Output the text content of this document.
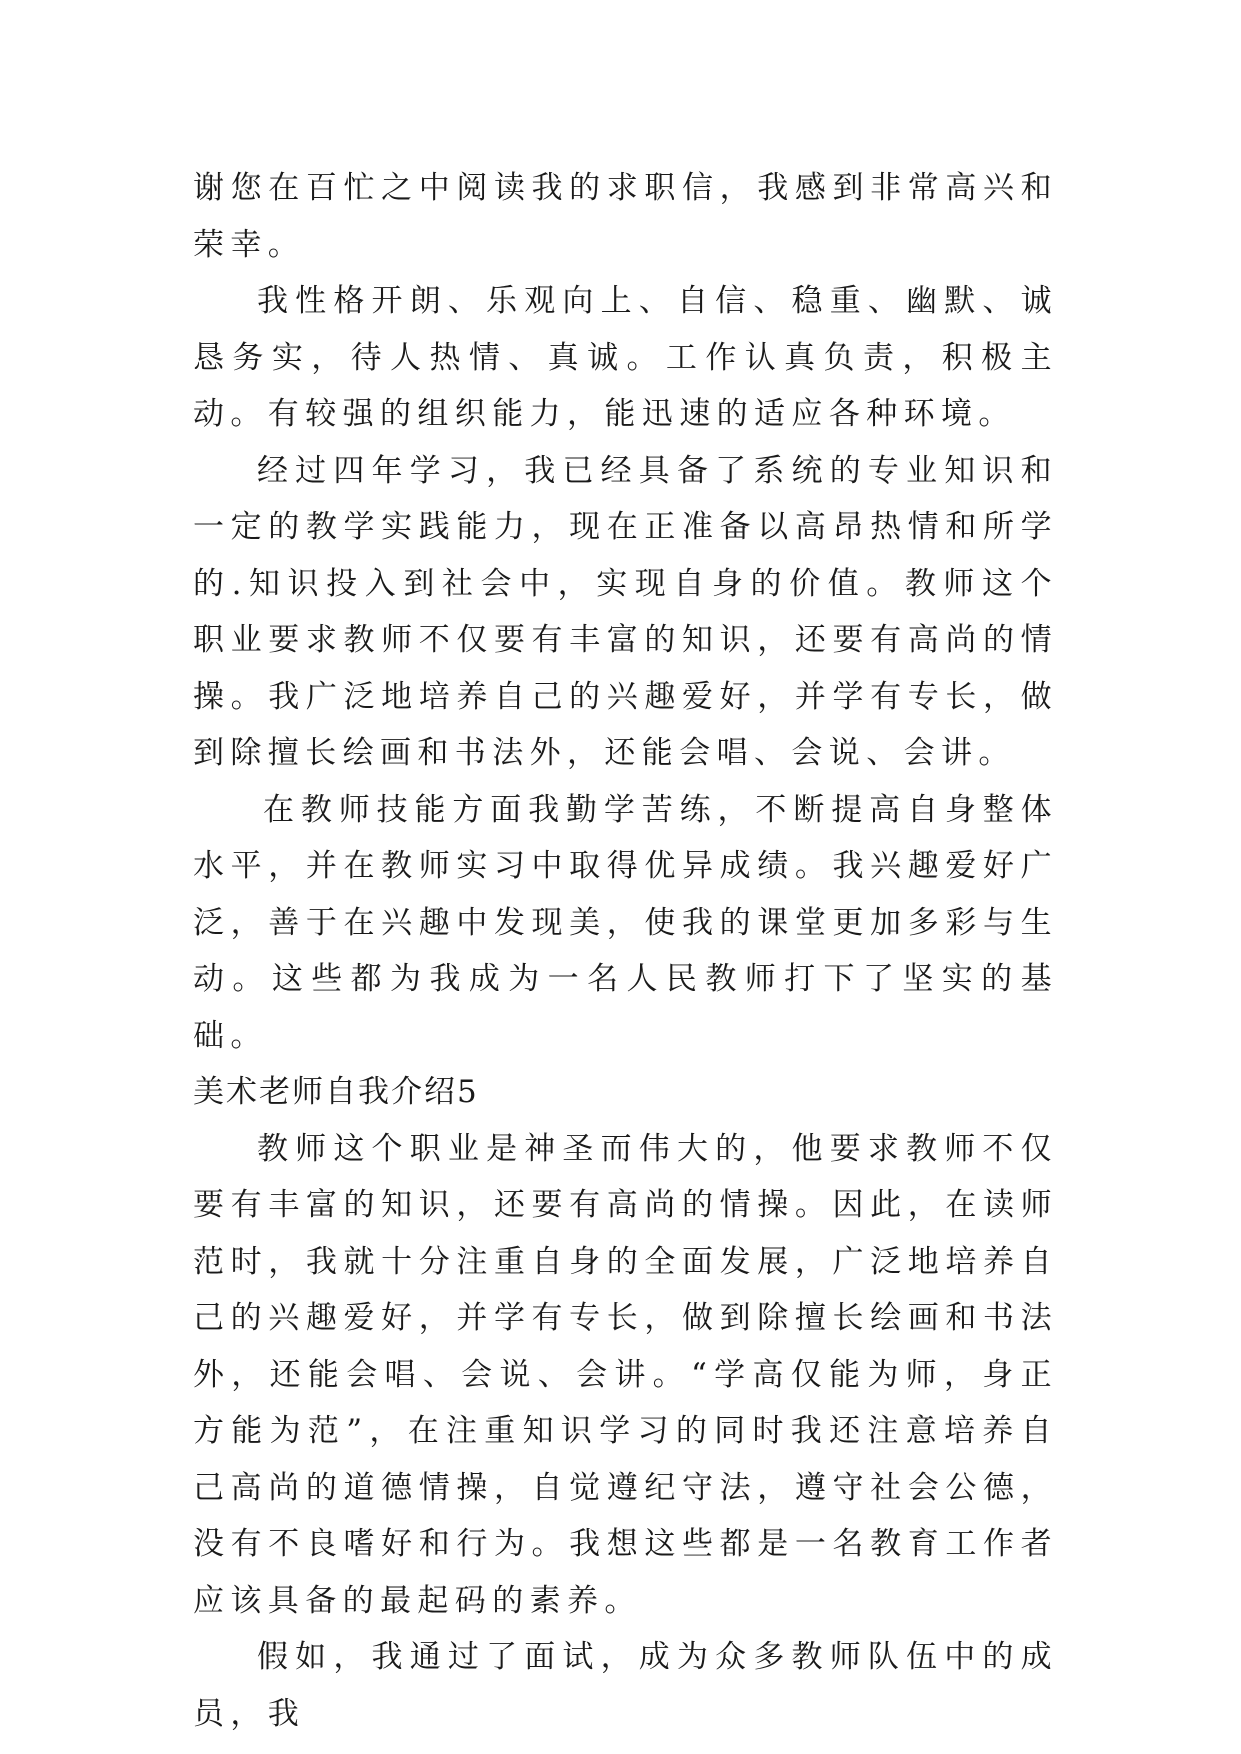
谢您在百忙之中阅读我的求职信，我感到非常高兴和荣幸。

我性格开朗、乐观向上、自信、稳重、幽默、诚恳务实，待人热情、真诚。工作认真负责，积极主动。有较强的组织能力，能迅速的适应各种环境。

经过四年学习，我已经具备了系统的专业知识和一定的教学实践能力，现在正准备以高昂热情和所学的.知识投入到社会中，实现自身的价值。教师这个职业要求教师不仅要有丰富的知识，还要有高尚的情操。我广泛地培养自己的兴趣爱好，并学有专长，做到除擅长绘画和书法外，还能会唱、会说、会讲。

在教师技能方面我勤学苦练，不断提高自身整体水平，并在教师实习中取得优异成绩。我兴趣爱好广泛，善于在兴趣中发现美，使我的课堂更加多彩与生动。这些都为我成为一名人民教师打下了坚实的基础。

美术老师自我介绍5

教师这个职业是神圣而伟大的，他要求教师不仅要有丰富的知识，还要有高尚的情操。因此，在读师范时，我就十分注重自身的全面发展，广泛地培养自己的兴趣爱好，并学有专长，做到除擅长绘画和书法外，还能会唱、会说、会讲。“学高仅能为师，身正方能为范”，在注重知识学习的同时我还注意培养自己高尚的道德情操，自觉遵纪守法，遵守社会公德，没有不良嗜好和行为。我想这些都是一名教育工作者应该具备的最起码的素养。

假如，我通过了面试，成为众多教师队伍中的成员，我
